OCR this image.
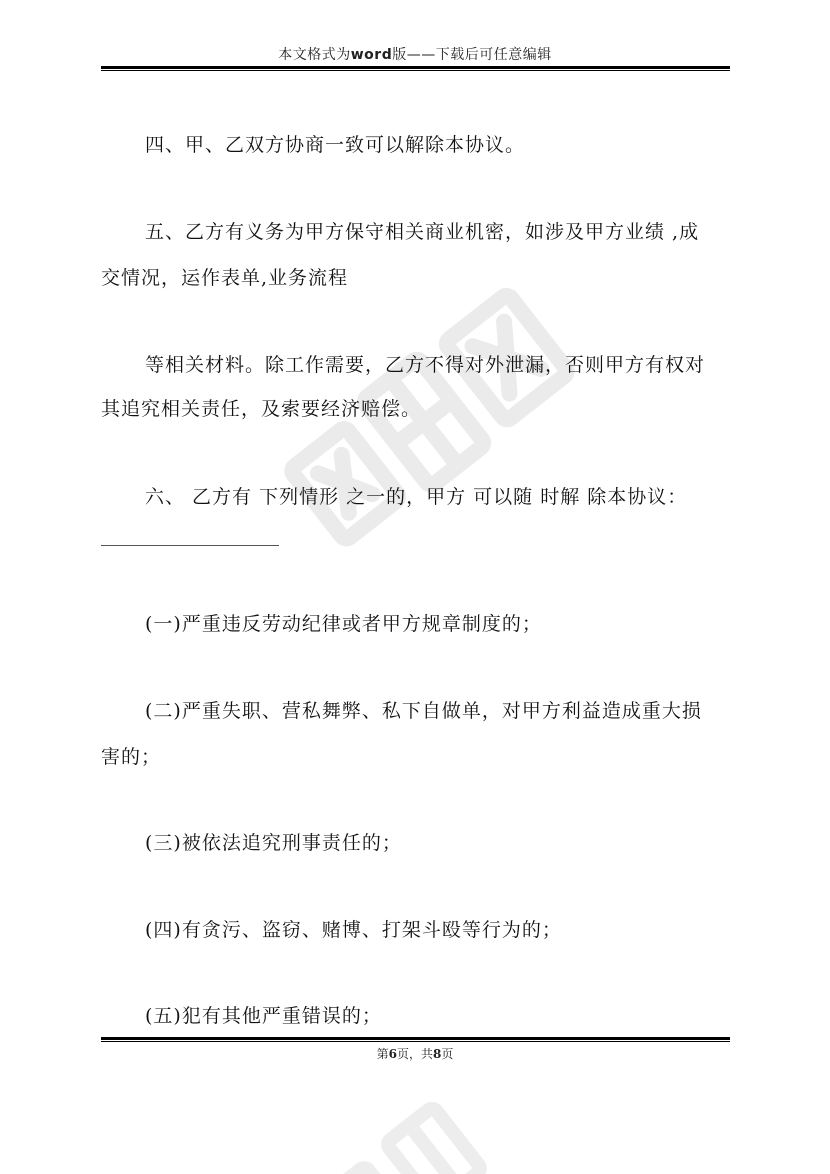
本文格式为word版——下载后可任意编辑
四、甲、乙双方协商一致可以解除本协议。
五、乙方有义务为甲方保守相关商业机密，如涉及甲方业绩 ,成
交情况，运作表单,业务流程
等相关材料。除工作需要，乙方不得对外泄漏，否则甲方有权对
其追究相关责任，及索要经济赔偿。
六、 乙方有 下列情形 之一的，甲方 可以随 时解 除本协议：
(一)严重违反劳动纪律或者甲方规章制度的；
(二)严重失职、营私舞弊、私下自做单，对甲方利益造成重大损
害的；
(三)被依法追究刑事责任的；
(四)有贪污、盗窃、赌博、打架斗殴等行为的；
(五)犯有其他严重错误的；
第6页，共8页
